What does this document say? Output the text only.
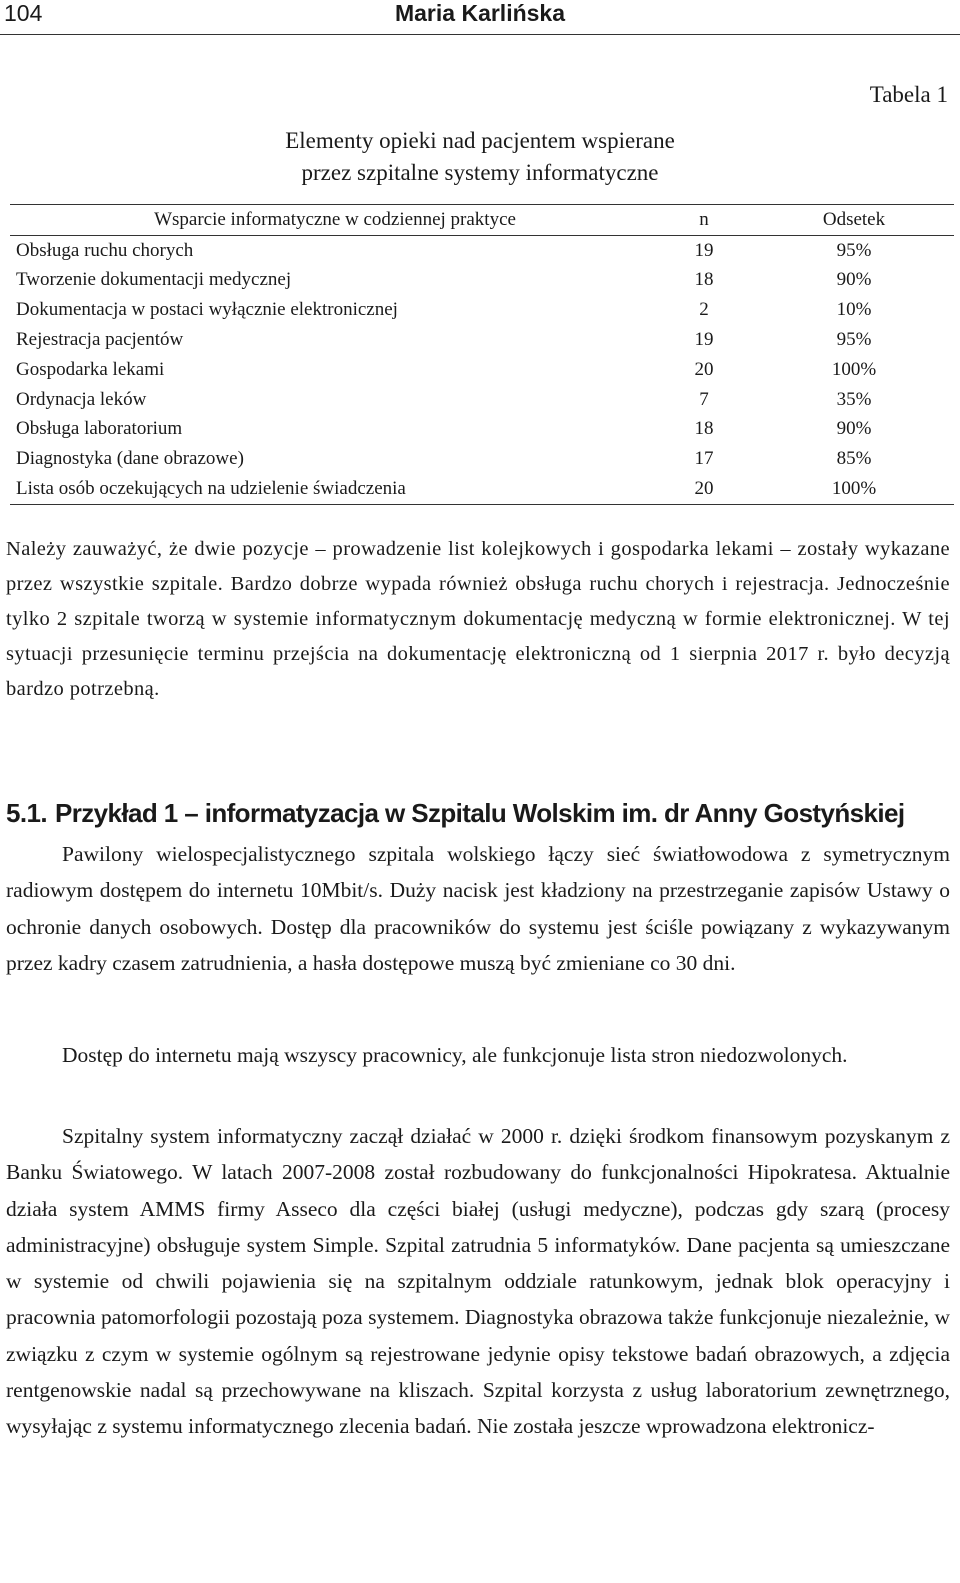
104	Maria Karlińska
Tabela 1
Elementy opieki nad pacjentem wspierane
przez szpitalne systemy informatyczne
Wsparcie informatyczne w codziennej praktyce	n	Odsetek
Obsługa ruchu chorych	19	95%
Tworzenie dokumentacji medycznej	18	90%
Dokumentacja w postaci wyłącznie elektronicznej	2	10%
Rejestracja pacjentów	19	95%
Gospodarka lekami	20	100%
Ordynacja leków	7	35%
Obsługa laboratorium	18	90%
Diagnostyka (dane obrazowe)	17	85%
Lista osób oczekujących na udzielenie świadczenia	20	100%

Należy zauważyć, że dwie pozycje – prowadzenie list kolejkowych i gospodarka lekami – zostały wykazane przez wszystkie szpitale. Bardzo dobrze wypada również obsługa ruchu chorych i rejestracja. Jednocześnie tylko 2 szpitale tworzą w systemie informatycznym dokumentację medyczną w formie elektronicznej. W tej sytuacji przesunięcie terminu przejścia na dokumentację elektroniczną od 1 sierpnia 2017 r. było decyzją bardzo potrzebną.

5.1. Przykład 1 – informatyzacja w Szpitalu Wolskim im. dr Anny Gostyńskiej

Pawilony wielospecjalistycznego szpitala wolskiego łączy sieć światłowodowa z symetrycznym radiowym dostępem do internetu 10Mbit/s. Duży nacisk jest kładziony na przestrzeganie zapisów Ustawy o ochronie danych osobowych. Dostęp dla pracowników do systemu jest ściśle powiązany z wykazywanym przez kadry czasem zatrudnienia, a hasła dostępowe muszą być zmieniane co 30 dni.

Dostęp do internetu mają wszyscy pracownicy, ale funkcjonuje lista stron niedozwolonych.

Szpitalny system informatyczny zaczął działać w 2000 r. dzięki środkom finansowym pozyskanym z Banku Światowego. W latach 2007-2008 został rozbudowany do funkcjonalności Hipokratesa. Aktualnie działa system AMMS firmy Asseco dla części białej (usługi medyczne), podczas gdy szarą (procesy administracyjne) obsługuje system Simple. Szpital zatrudnia 5 informatyków. Dane pacjenta są umieszczane w systemie od chwili pojawienia się na szpitalnym oddziale ratunkowym, jednak blok operacyjny i pracownia patomorfologii pozostają poza systemem. Diagnostyka obrazowa także funkcjonuje niezależnie, w związku z czym w systemie ogólnym są rejestrowane jedynie opisy tekstowe badań obrazowych, a zdjęcia rentgenowskie nadal są przechowywane na kliszach. Szpital korzysta z usług laboratorium zewnętrznego, wysyłając z systemu informatycznego zlecenia badań. Nie została jeszcze wprowadzona elektronicz-
